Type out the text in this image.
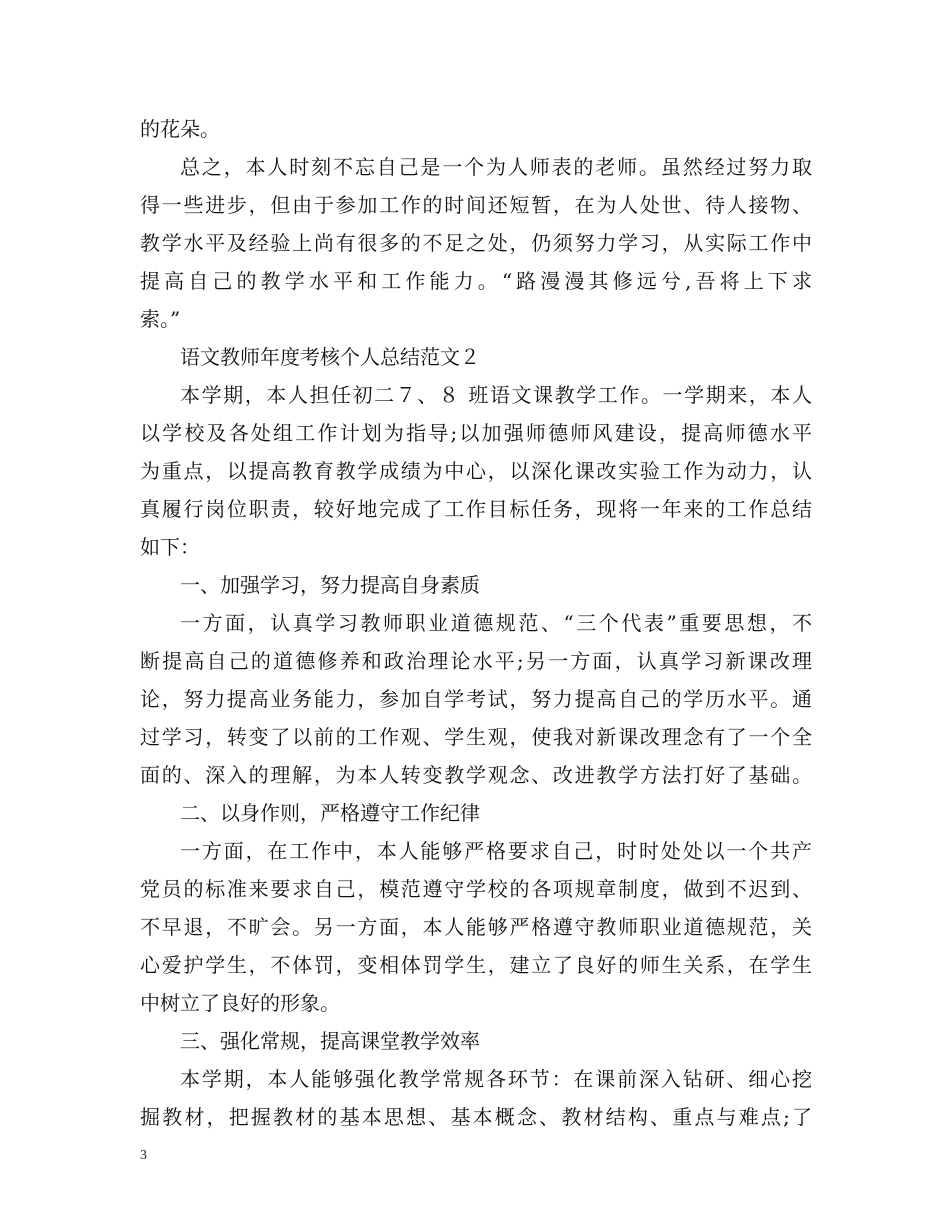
的花朵。
总之，本人时刻不忘自己是一个为人师表的老师。虽然经过努力取
得一些进步，但由于参加工作的时间还短暂，在为人处世、待人接物、
教学水平及经验上尚有很多的不足之处，仍须努力学习，从实际工作中
提高自己的教学水平和工作能力。“路漫漫其修远兮,吾将上下求
索。”
语文教师年度考核个人总结范文２
本学期，本人担任初二７、８ 班语文课教学工作。一学期来，本人
以学校及各处组工作计划为指导;以加强师德师风建设，提高师德水平
为重点，以提高教育教学成绩为中心，以深化课改实验工作为动力，认
真履行岗位职责，较好地完成了工作目标任务，现将一年来的工作总结
如下：
一、加强学习，努力提高自身素质
一方面，认真学习教师职业道德规范、“三个代表”重要思想，不
断提高自己的道德修养和政治理论水平;另一方面，认真学习新课改理
论，努力提高业务能力，参加自学考试，努力提高自己的学历水平。通
过学习，转变了以前的工作观、学生观，使我对新课改理念有了一个全
面的、深入的理解，为本人转变教学观念、改进教学方法打好了基础。
二、以身作则，严格遵守工作纪律
一方面，在工作中，本人能够严格要求自己，时时处处以一个共产
党员的标准来要求自己，模范遵守学校的各项规章制度，做到不迟到、
不早退，不旷会。另一方面，本人能够严格遵守教师职业道德规范，关
心爱护学生，不体罚，变相体罚学生，建立了良好的师生关系，在学生
中树立了良好的形象。
三、强化常规，提高课堂教学效率
本学期，本人能够强化教学常规各环节：在课前深入钻研、细心挖
掘教材，把握教材的基本思想、基本概念、教材结构、重点与难点;了
3
